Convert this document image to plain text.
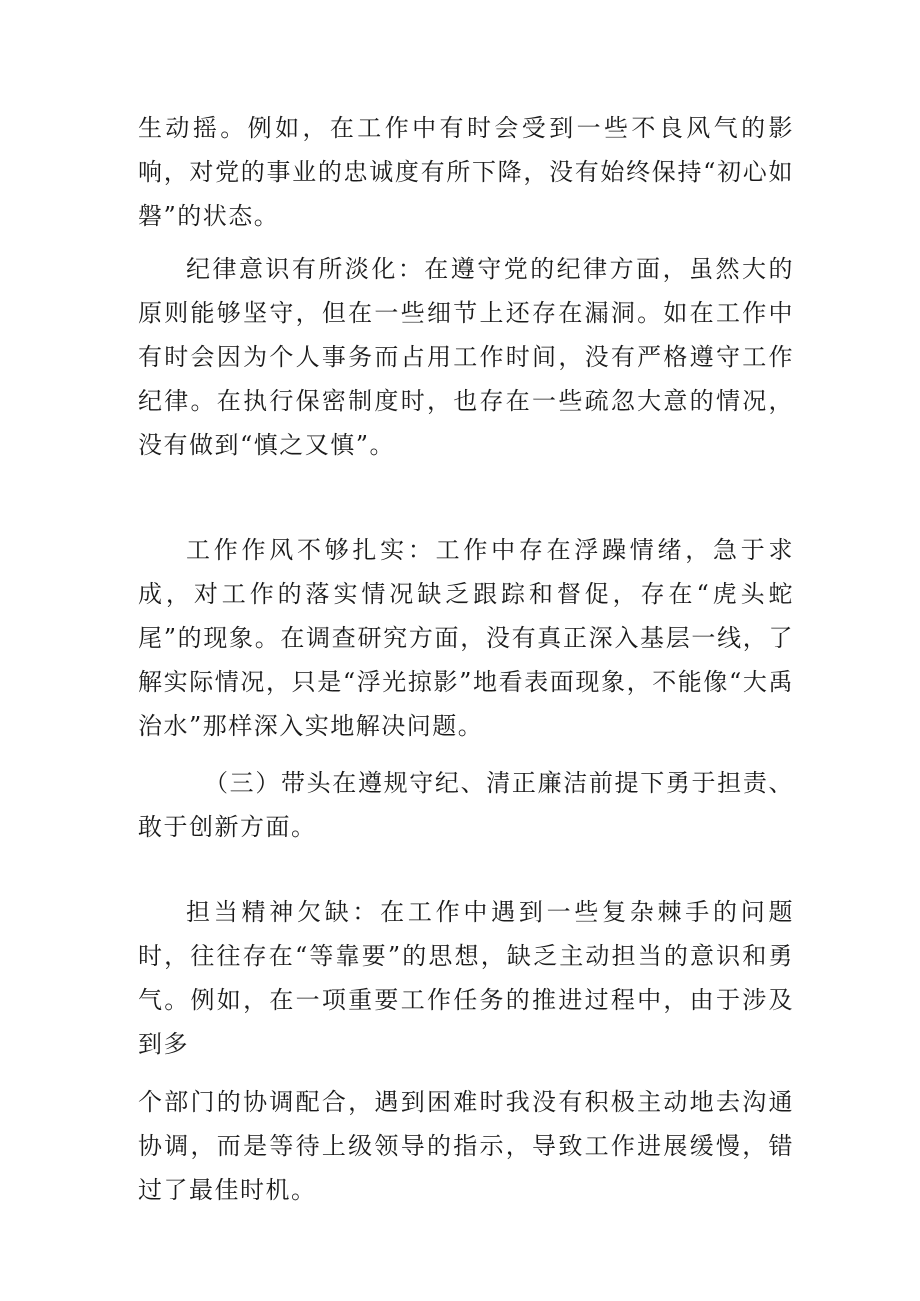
生动摇。例如，在工作中有时会受到一些不良风气的影响，对党的事业的忠诚度有所下降，没有始终保持“初心如磐”的状态。

纪律意识有所淡化：在遵守党的纪律方面，虽然大的原则能够坚守，但在一些细节上还存在漏洞。如在工作中有时会因为个人事务而占用工作时间，没有严格遵守工作纪律。在执行保密制度时，也存在一些疏忽大意的情况，没有做到“慎之又慎”。

工作作风不够扎实：工作中存在浮躁情绪，急于求成，对工作的落实情况缺乏跟踪和督促，存在“虎头蛇尾”的现象。在调查研究方面，没有真正深入基层一线，了解实际情况，只是“浮光掠影”地看表面现象，不能像“大禹治水”那样深入实地解决问题。

（三）带头在遵规守纪、清正廉洁前提下勇于担责、敢于创新方面。

担当精神欠缺：在工作中遇到一些复杂棘手的问题时，往往存在“等靠要”的思想，缺乏主动担当的意识和勇气。例如，在一项重要工作任务的推进过程中，由于涉及到多

个部门的协调配合，遇到困难时我没有积极主动地去沟通协调，而是等待上级领导的指示，导致工作进展缓慢，错过了最佳时机。
